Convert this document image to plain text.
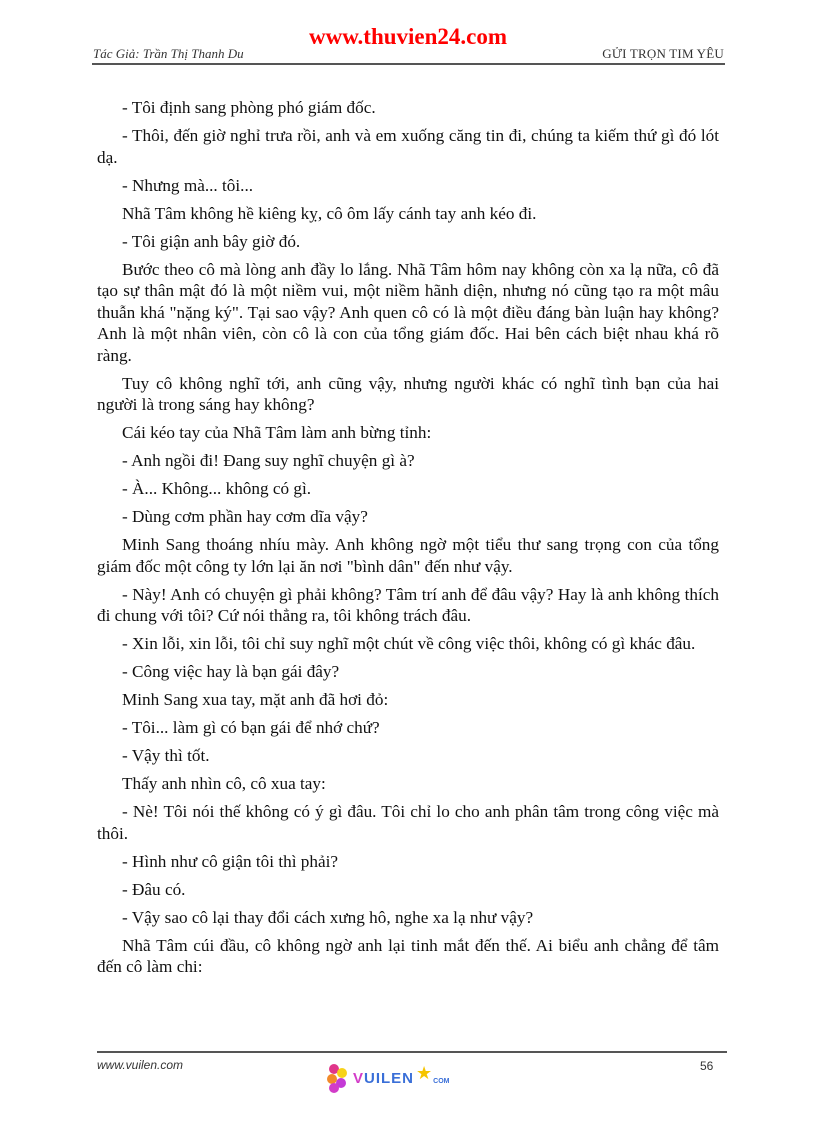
www.thuvien24.com
Tác Giả: Trần Thị Thanh Du	GỬI TRỌN TIM YÊU

- Tôi định sang phòng phó giám đốc.

- Thôi, đến giờ nghỉ trưa rồi, anh và em xuống căng tin đi, chúng ta kiếm thứ gì đó lót dạ.

- Nhưng mà... tôi...

Nhã Tâm không hề kiêng kỵ, cô ôm lấy cánh tay anh kéo đi.

- Tôi giận anh bây giờ đó.

Bước theo cô mà lòng anh đầy lo lắng. Nhã Tâm hôm nay không còn xa lạ nữa, cô đã tạo sự thân mật đó là một niềm vui, một niềm hãnh diện, nhưng nó cũng tạo ra một mâu thuẫn khá "nặng ký". Tại sao vậy? Anh quen cô có là một điều đáng bàn luận hay không? Anh là một nhân viên, còn cô là con của tổng giám đốc. Hai bên cách biệt nhau khá rõ ràng.

Tuy cô không nghĩ tới, anh cũng vậy, nhưng người khác có nghĩ tình bạn của hai người là trong sáng hay không?

Cái kéo tay của Nhã Tâm làm anh bừng tỉnh:

- Anh ngồi đi! Đang suy nghĩ chuyện gì à?

- À... Không... không có gì.

- Dùng cơm phần hay cơm dĩa vậy?

Minh Sang thoáng nhíu mày. Anh không ngờ một tiểu thư sang trọng con của tổng giám đốc một công ty lớn lại ăn nơi "bình dân" đến như vậy.

- Này! Anh có chuyện gì phải không? Tâm trí anh để đâu vậy? Hay là anh không thích đi chung với tôi? Cứ nói thẳng ra, tôi không trách đâu.

- Xin lỗi, xin lỗi, tôi chỉ suy nghĩ một chút về công việc thôi, không có gì khác đâu.

- Công việc hay là bạn gái đây?

Minh Sang xua tay, mặt anh đã hơi đỏ:

- Tôi... làm gì có bạn gái để nhớ chứ?

- Vậy thì tốt.

Thấy anh nhìn cô, cô xua tay:

- Nè! Tôi nói thế không có ý gì đâu. Tôi chỉ lo cho anh phân tâm trong công việc mà thôi.

- Hình như cô giận tôi thì phải?

- Đâu có.

- Vậy sao cô lại thay đổi cách xưng hô, nghe xa lạ như vậy?

Nhã Tâm cúi đầu, cô không ngờ anh lại tinh mắt đến thế. Ai biểu anh chẳng để tâm đến cô làm chi:

www.vuilen.com
VUILEN ★ COM
56
